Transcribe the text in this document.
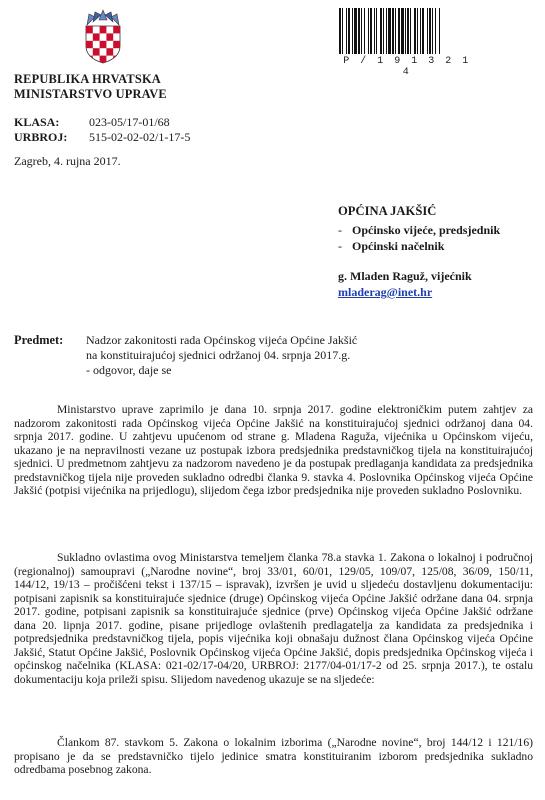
P / 1 9 1 3 2 1 4
REPUBLIKA HRVATSKA
MINISTARSTVO UPRAVE
KLASA: 023-05/17-01/68
URBROJ: 515-02-02-02/1-17-5
Zagreb, 4. rujna 2017.
OPĆINA JAKŠIĆ
- Općinsko vijeće, predsjednik
- Općinski načelnik
g. Mladen Raguž, vijećnik
mladerag@inet.hr
Predmet: Nadzor zakonitosti rada Općinskog vijeća Općine Jakšić
na konstituirajućoj sjednici održanoj 04. srpnja 2017.g.
- odgovor, daje se
Ministarstvo uprave zaprimilo je dana 10. srpnja 2017. godine elektroničkim putem zahtjev za nadzorom zakonitosti rada Općinskog vijeća Općine Jakšić na konstituirajućoj sjednici održanoj dana 04. srpnja 2017. godine. U zahtjevu upućenom od strane g. Mladena Raguža, vijećnika u Općinskom vijeću, ukazano je na nepravilnosti vezane uz postupak izbora predsjednika predstavničkog tijela na konstituirajućoj sjednici. U predmetnom zahtjevu za nadzorom navedeno je da postupak predlaganja kandidata za predsjednika predstavničkog tijela nije proveden sukladno odredbi članka 9. stavka 4. Poslovnika Općinskog vijeća Općine Jakšić (potpisi vijećnika na prijedlogu), slijedom čega izbor predsjednika nije proveden sukladno Poslovniku.
Sukladno ovlastima ovog Ministarstva temeljem članka 78.a stavka 1. Zakona o lokalnoj i područnoj (regionalnoj) samoupravi („Narodne novine“, broj 33/01, 60/01, 129/05, 109/07, 125/08, 36/09, 150/11, 144/12, 19/13 – pročišćeni tekst i 137/15 – ispravak), izvršen je uvid u sljedeću dostavljenu dokumentaciju: potpisani zapisnik sa konstituirajuće sjednice (druge) Općinskog vijeća Općine Jakšić održane dana 04. srpnja 2017. godine, potpisani zapisnik sa konstituirajuće sjednice (prve) Općinskog vijeća Općine Jakšić održane dana 20. lipnja 2017. godine, pisane prijedloge ovlaštenih predlagatelja za kandidata za predsjednika i potpredsjednika predstavničkog tijela, popis vijećnika koji obnašaju dužnost člana Općinskog vijeća Općine Jakšić, Statut Općine Jakšić, Poslovnik Općinskog vijeća Općine Jakšić, dopis predsjednika Općinskog vijeća i općinskog načelnika (KLASA: 021-02/17-04/20, URBROJ: 2177/04-01/17-2 od 25. srpnja 2017.), te ostalu dokumentaciju koja prileži spisu. Slijedom navedenog ukazuje se na sljedeće:
Člankom 87. stavkom 5. Zakona o lokalnim izborima („Narodne novine“, broj 144/12 i 121/16) propisano je da se predstavničko tijelo jedinice smatra konstituiranim izborom predsjednika sukladno odredbama posebnog zakona.
